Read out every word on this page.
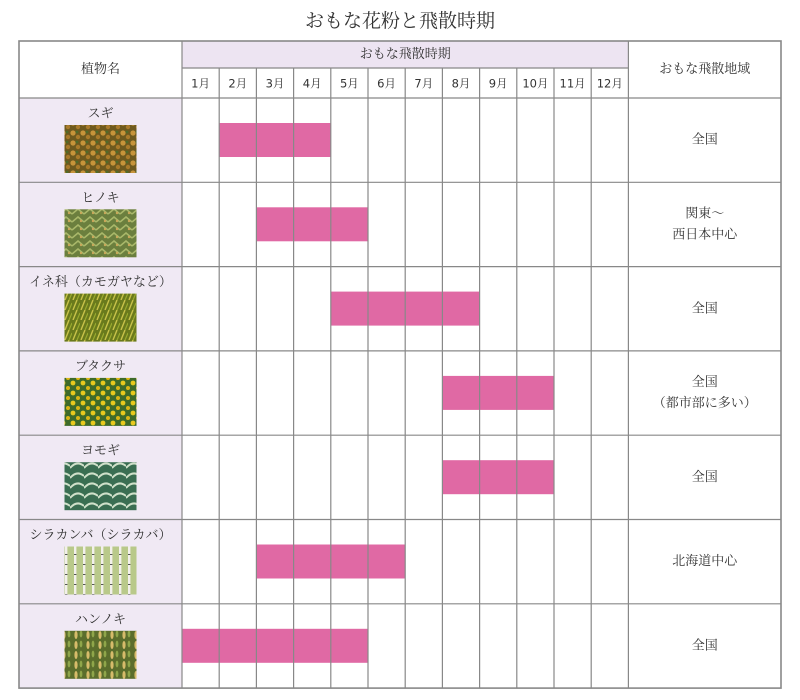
おもな花粉と飛散時期
植物名
おもな飛散時期
おもな飛散地域
1月 2月 3月 4月 5月 6月 7月 8月 9月 10月 11月 12月
スギ
全国
ヒノキ
関東～
西日本中心
イネ科（カモガヤなど）
全国
ブタクサ
全国
（都市部に多い）
ヨモギ
全国
シラカンバ（シラカバ）
北海道中心
ハンノキ
全国
